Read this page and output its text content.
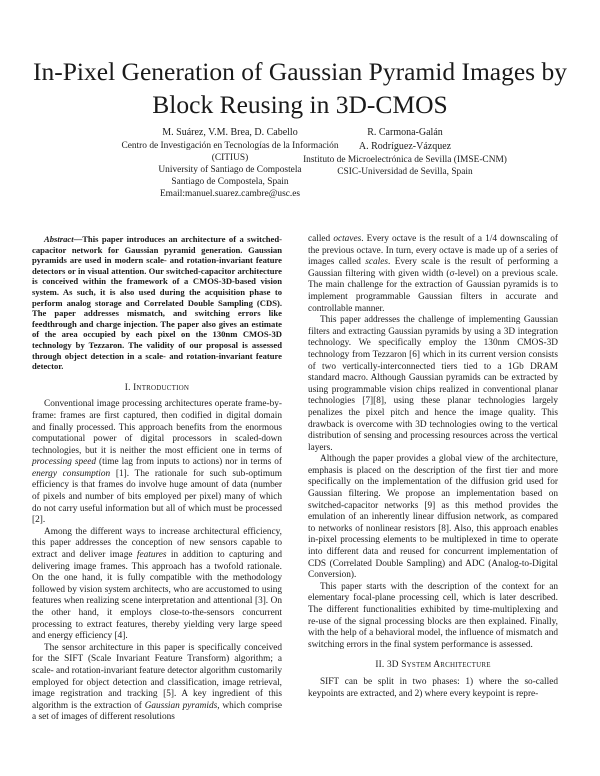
In-Pixel Generation of Gaussian Pyramid Images by Block Reusing in 3D-CMOS
M. Suárez, V.M. Brea, D. Cabello
Centro de Investigación en Tecnologías de la Información
(CITIUS)
University of Santiago de Compostela
Santiago de Compostela, Spain
Email:manuel.suarez.cambre@usc.es
R. Carmona-Galán
A. Rodríguez-Vázquez
Instituto de Microelectrónica de Sevilla (IMSE-CNM)
CSIC-Universidad de Sevilla, Spain

Abstract—This paper introduces an architecture of a switched-capacitor network for Gaussian pyramid generation. Gaussian pyramids are used in modern scale- and rotation-invariant feature detectors or in visual attention. Our switched-capacitor architecture is conceived within the framework of a CMOS-3D-based vision system. As such, it is also used during the acquisition phase to perform analog storage and Correlated Double Sampling (CDS). The paper addresses mismatch, and switching errors like feedthrough and charge injection. The paper also gives an estimate of the area occupied by each pixel on the 130nm CMOS-3D technology by Tezzaron. The validity of our proposal is assessed through object detection in a scale- and rotation-invariant feature detector.

I. Introduction

Conventional image processing architectures operate frame-by-frame: frames are first captured, then codified in digital domain and finally processed. This approach benefits from the enormous computational power of digital processors in scaled-down technologies, but it is neither the most efficient one in terms of processing speed (time lag from inputs to actions) nor in terms of energy consumption [1]. The rationale for such sub-optimum efficiency is that frames do involve huge amount of data (number of pixels and number of bits employed per pixel) many of which do not carry useful information but all of which must be processed [2].

Among the different ways to increase architectural efficiency, this paper addresses the conception of new sensors capable to extract and deliver image features in addition to capturing and delivering image frames. This approach has a twofold rationale. On the one hand, it is fully compatible with the methodology followed by vision system architects, who are accustomed to using features when realizing scene interpretation and attentional [3]. On the other hand, it employs close-to-the-sensors concurrent processing to extract features, thereby yielding very large speed and energy efficiency [4].

The sensor architecture in this paper is specifically conceived for the SIFT (Scale Invariant Feature Transform) algorithm; a scale- and rotation-invariant feature detector algorithm customarily employed for object detection and classification, image retrieval, image registration and tracking [5]. A key ingredient of this algorithm is the extraction of Gaussian pyramids, which comprise a set of images of different resolutions

called octaves. Every octave is the result of a 1/4 downscaling of the previous octave. In turn, every octave is made up of a series of images called scales. Every scale is the result of performing a Gaussian filtering with given width (σ-level) on a previous scale. The main challenge for the extraction of Gaussian pyramids is to implement programmable Gaussian filters in accurate and controllable manner.

This paper addresses the challenge of implementing Gaussian filters and extracting Gaussian pyramids by using a 3D integration technology. We specifically employ the 130nm CMOS-3D technology from Tezzaron [6] which in its current version consists of two vertically-interconnected tiers tied to a 1Gb DRAM standard macro. Although Gaussian pyramids can be extracted by using programmable vision chips realized in conventional planar technologies [7][8], using these planar technologies largely penalizes the pixel pitch and hence the image quality. This drawback is overcome with 3D technologies owing to the vertical distribution of sensing and processing resources across the vertical layers.

Although the paper provides a global view of the architecture, emphasis is placed on the description of the first tier and more specifically on the implementation of the diffusion grid used for Gaussian filtering. We propose an implementation based on switched-capacitor networks [9] as this method provides the emulation of an inherently linear diffusion network, as compared to networks of nonlinear resistors [8]. Also, this approach enables in-pixel processing elements to be multiplexed in time to operate into different data and reused for concurrent implementation of CDS (Correlated Double Sampling) and ADC (Analog-to-Digital Conversion).

This paper starts with the description of the context for an elementary focal-plane processing cell, which is later described. The different functionalities exhibited by time-multiplexing and re-use of the signal processing blocks are then explained. Finally, with the help of a behavioral model, the influence of mismatch and switching errors in the final system performance is assessed.

II. 3D System Architecture

SIFT can be split in two phases: 1) where the so-called keypoints are extracted, and 2) where every keypoint is repre-
